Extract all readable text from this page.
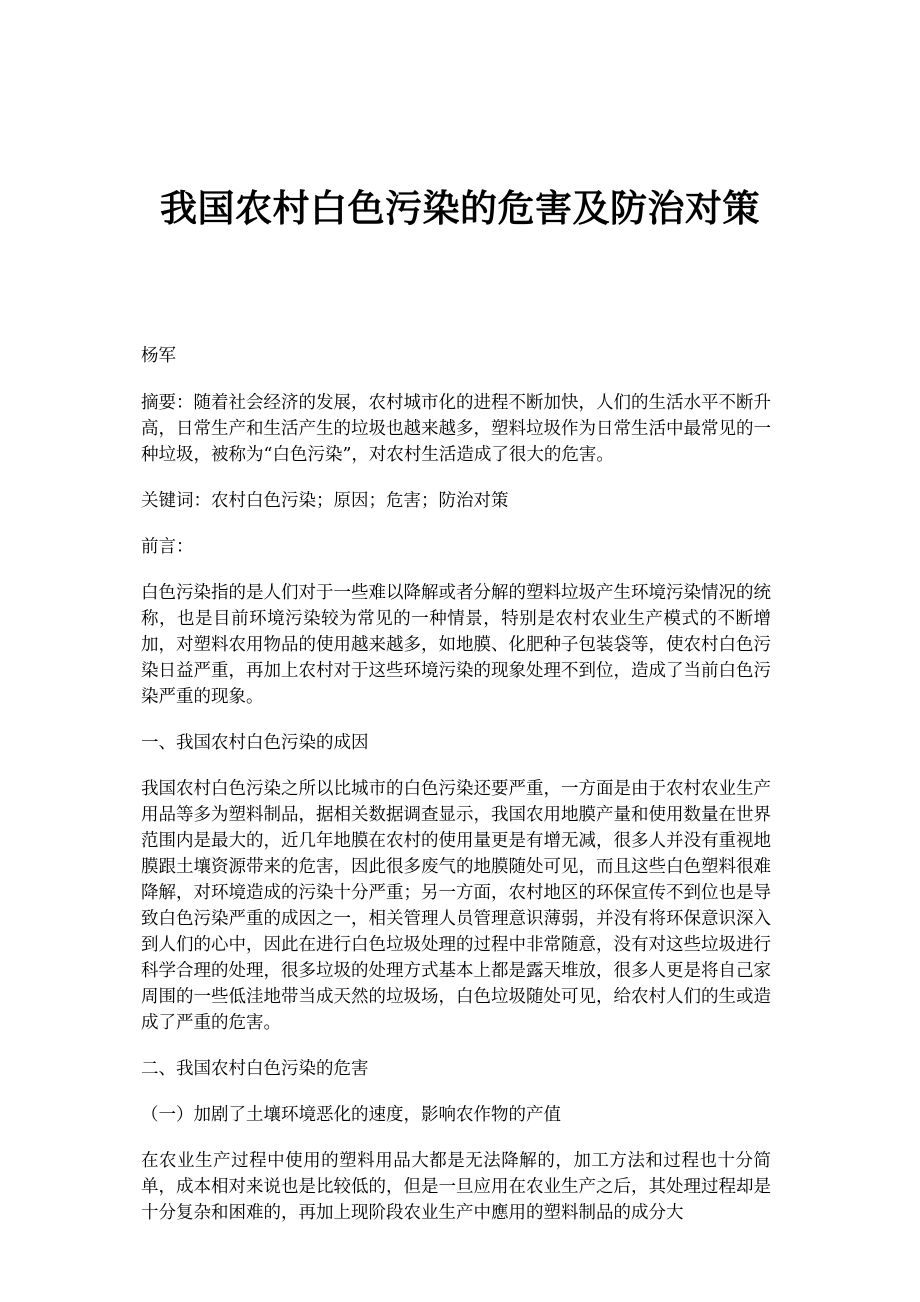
我国农村白色污染的危害及防治对策

杨军

摘要：随着社会经济的发展，农村城市化的进程不断加快，人们的生活水平不断升高，日常生产和生活产生的垃圾也越来越多，塑料垃圾作为日常生活中最常见的一种垃圾，被称为“白色污染”，对农村生活造成了很大的危害。

关键词：农村白色污染；原因；危害；防治对策

前言：

白色污染指的是人们对于一些难以降解或者分解的塑料垃圾产生环境污染情况的统称，也是目前环境污染较为常见的一种情景，特别是农村农业生产模式的不断增加，对塑料农用物品的使用越来越多，如地膜、化肥种子包装袋等，使农村白色污染日益严重，再加上农村对于这些环境污染的现象处理不到位，造成了当前白色污染严重的现象。

一、我国农村白色污染的成因

我国农村白色污染之所以比城市的白色污染还要严重，一方面是由于农村农业生产用品等多为塑料制品，据相关数据调查显示，我国农用地膜产量和使用数量在世界范围内是最大的，近几年地膜在农村的使用量更是有增无减，很多人并没有重视地膜跟土壤资源带来的危害，因此很多废气的地膜随处可见，而且这些白色塑料很难降解，对环境造成的污染十分严重；另一方面，农村地区的环保宣传不到位也是导致白色污染严重的成因之一，相关管理人员管理意识薄弱，并没有将环保意识深入到人们的心中，因此在进行白色垃圾处理的过程中非常随意，没有对这些垃圾进行科学合理的处理，很多垃圾的处理方式基本上都是露天堆放，很多人更是将自己家周围的一些低洼地带当成天然的垃圾场，白色垃圾随处可见，给农村人们的生或造成了严重的危害。

二、我国农村白色污染的危害

（一）加剧了土壤环境恶化的速度，影响农作物的产值

在农业生产过程中使用的塑料用品大都是无法降解的，加工方法和过程也十分简单，成本相对来说也是比较低的，但是一旦应用在农业生产之后，其处理过程却是十分复杂和困难的，再加上现阶段农业生产中應用的塑料制品的成分大
